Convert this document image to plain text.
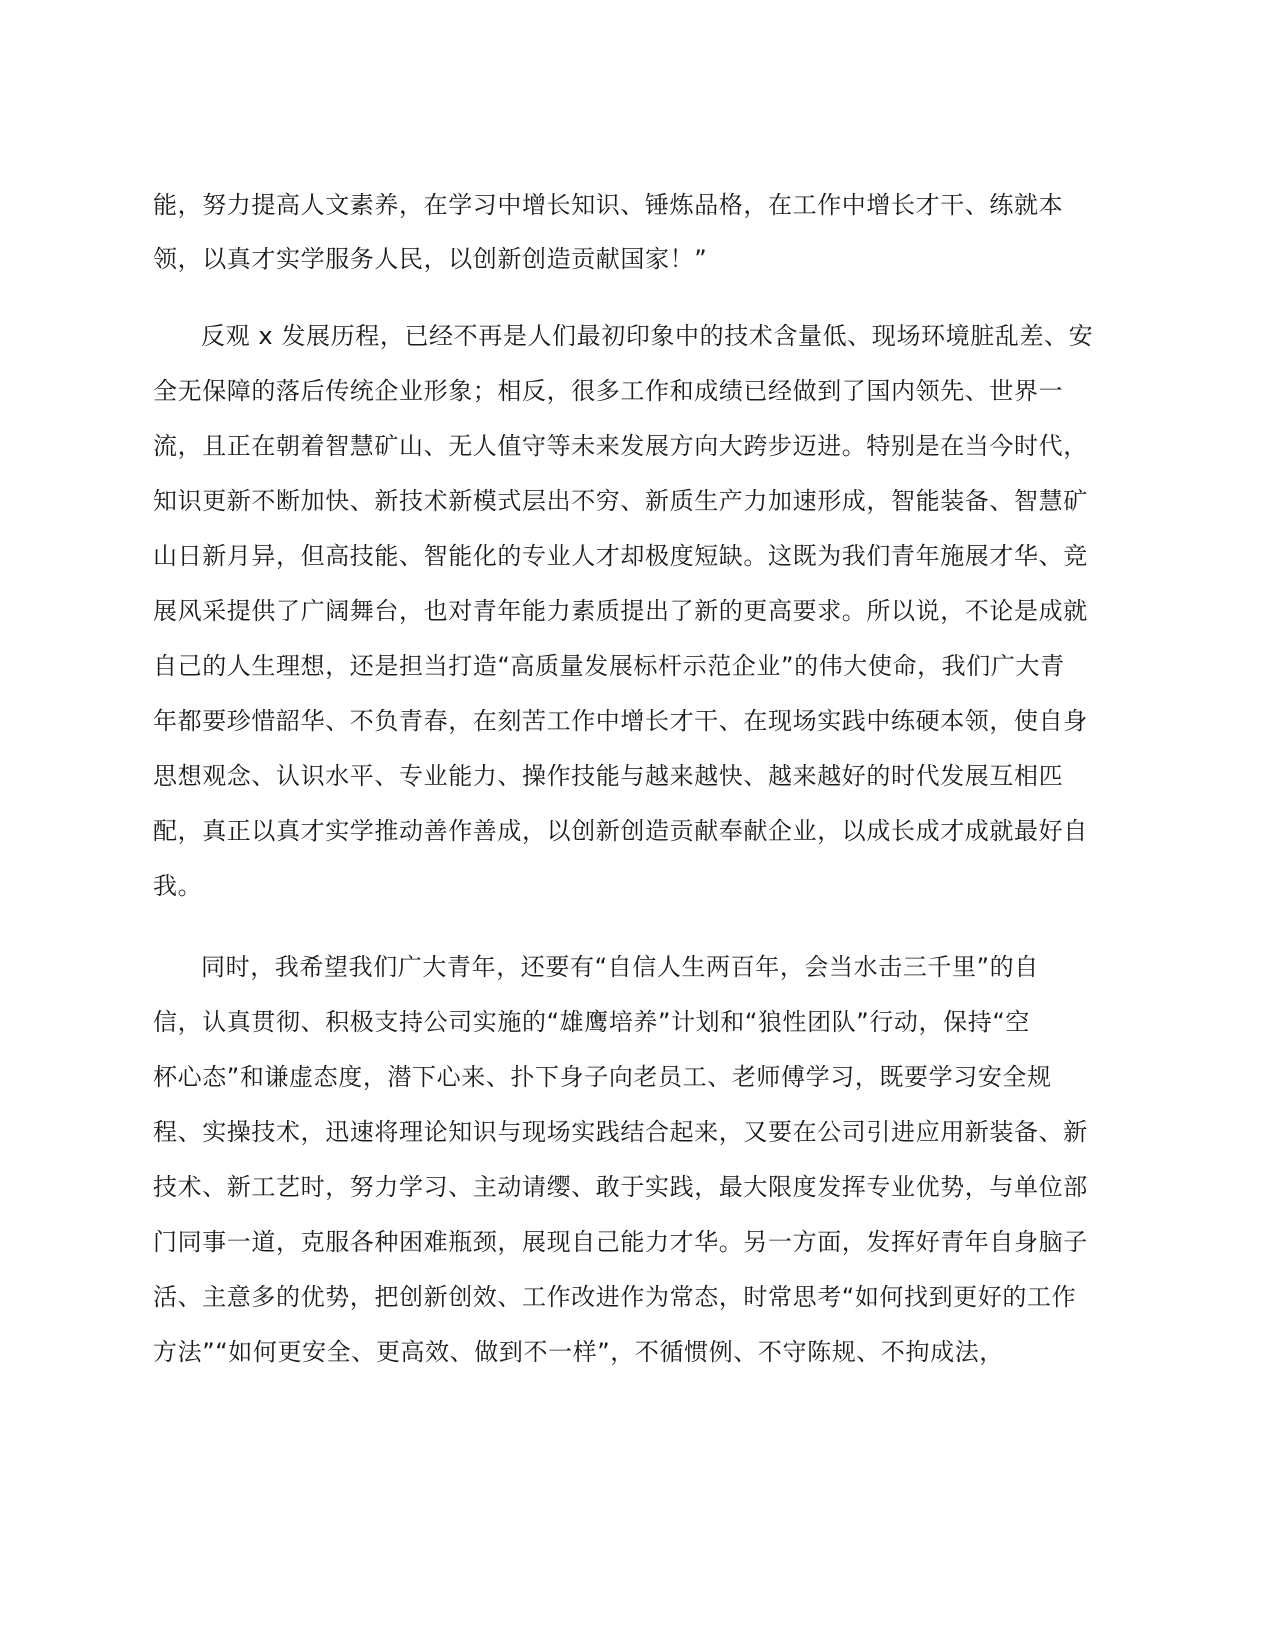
能，努力提高人文素养，在学习中增长知识、锤炼品格，在工作中增长才干、练就本
领，以真才实学服务人民，以创新创造贡献国家！”
反观 x 发展历程，已经不再是人们最初印象中的技术含量低、现场环境脏乱差、安
全无保障的落后传统企业形象；相反，很多工作和成绩已经做到了国内领先、世界一
流，且正在朝着智慧矿山、无人值守等未来发展方向大跨步迈进。特别是在当今时代，
知识更新不断加快、新技术新模式层出不穷、新质生产力加速形成，智能装备、智慧矿
山日新月异，但高技能、智能化的专业人才却极度短缺。这既为我们青年施展才华、竞
展风采提供了广阔舞台，也对青年能力素质提出了新的更高要求。所以说，不论是成就
自己的人生理想，还是担当打造“高质量发展标杆示范企业”的伟大使命，我们广大青
年都要珍惜韶华、不负青春，在刻苦工作中增长才干、在现场实践中练硬本领，使自身
思想观念、认识水平、专业能力、操作技能与越来越快、越来越好的时代发展互相匹
配，真正以真才实学推动善作善成，以创新创造贡献奉献企业，以成长成才成就最好自
我。
同时，我希望我们广大青年，还要有“自信人生两百年，会当水击三千里”的自
信，认真贯彻、积极支持公司实施的“雄鹰培养”计划和“狼性团队”行动，保持“空
杯心态”和谦虚态度，潜下心来、扑下身子向老员工、老师傅学习，既要学习安全规
程、实操技术，迅速将理论知识与现场实践结合起来，又要在公司引进应用新装备、新
技术、新工艺时，努力学习、主动请缨、敢于实践，最大限度发挥专业优势，与单位部
门同事一道，克服各种困难瓶颈，展现自己能力才华。另一方面，发挥好青年自身脑子
活、主意多的优势，把创新创效、工作改进作为常态，时常思考“如何找到更好的工作
方法”“如何更安全、更高效、做到不一样”，不循惯例、不守陈规、不拘成法，
